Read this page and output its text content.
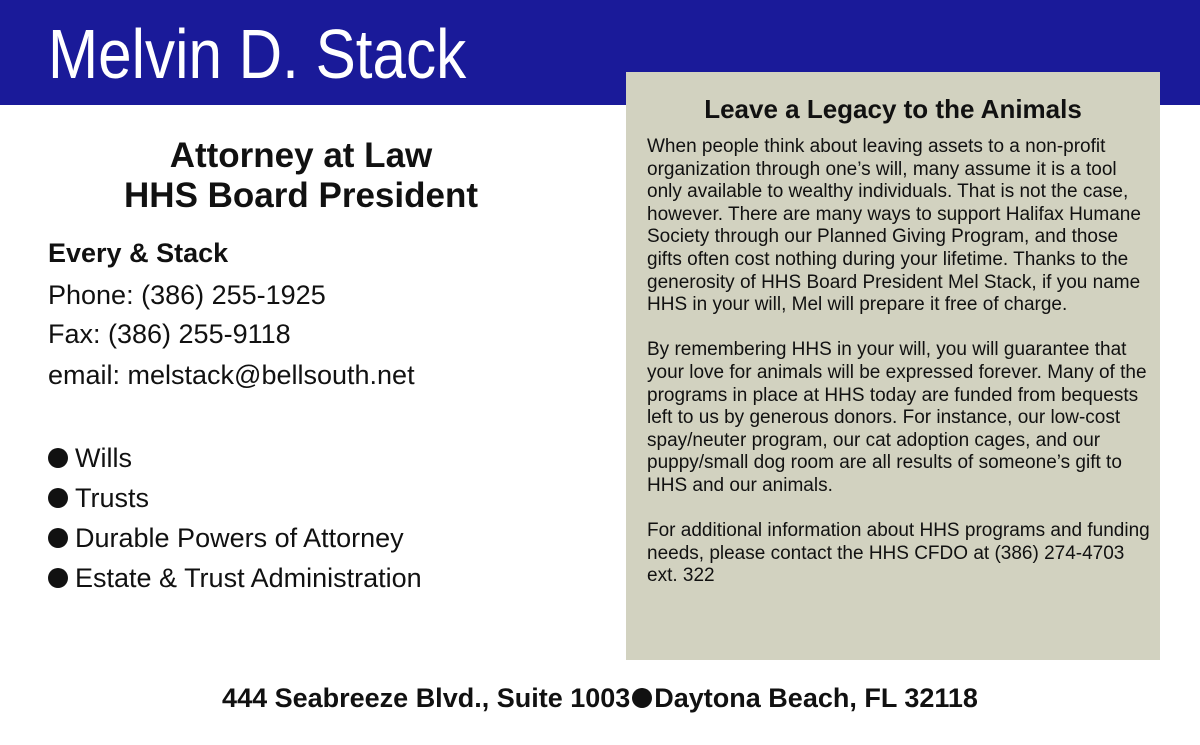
Melvin D. Stack
Attorney at Law
HHS Board President
Every & Stack
Phone: (386) 255-1925
Fax: (386) 255-9118
email: melstack@bellsouth.net
Wills
Trusts
Durable Powers of Attorney
Estate & Trust Administration
Leave a Legacy to the Animals

When people think about leaving assets to a non-profit organization through one’s will, many assume it is a tool only available to wealthy individuals. That is not the case, however. There are many ways to support Halifax Humane Society through our Planned Giving Program, and those gifts often cost nothing during your lifetime. Thanks to the generosity of HHS Board President Mel Stack, if you name HHS in your will, Mel will prepare it free of charge.

By remembering HHS in your will, you will guarantee that your love for animals will be expressed forever. Many of the programs in place at HHS today are funded from bequests left to us by generous donors. For instance, our low-cost spay/neuter program, our cat adoption cages, and our puppy/small dog room are all results of someone’s gift to HHS and our animals.

For additional information about HHS programs and funding needs, please contact the HHS CFDO at (386) 274-4703 ext. 322

444 Seabreeze Blvd., Suite 1003 Daytona Beach, FL 32118
